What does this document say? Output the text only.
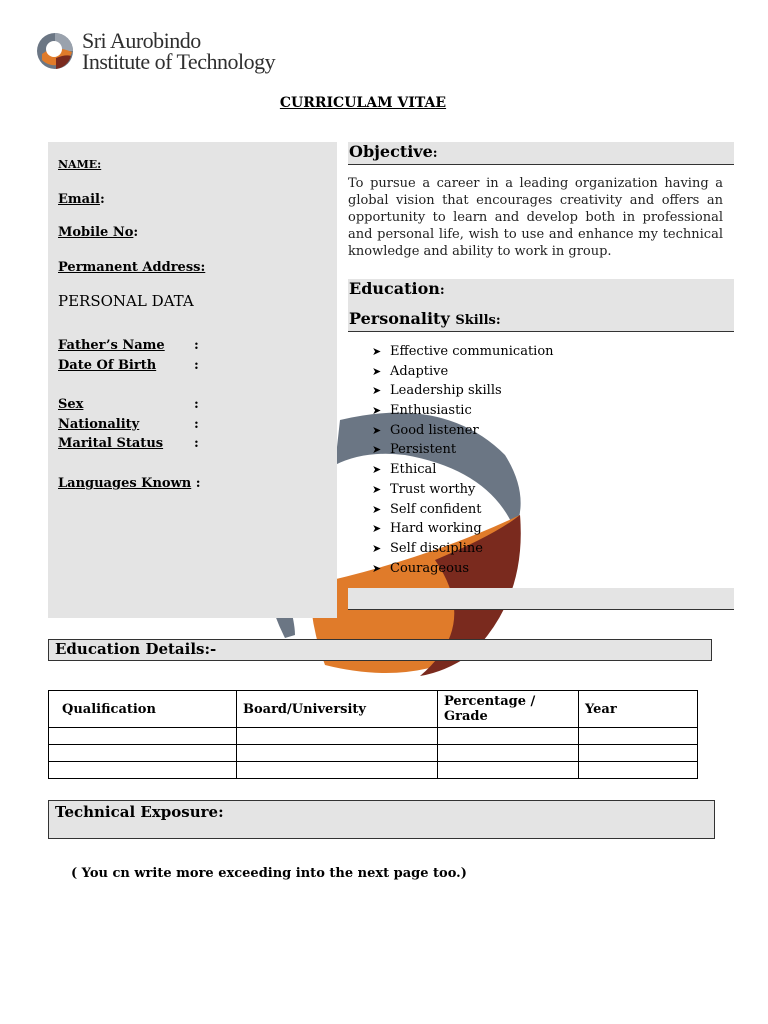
Sri Aurobindo
Institute of Technology
CURRICULAM VITAE
NAME:
Email:
Mobile No:
Permanent Address:
PERSONAL DATA
Father’s Name :
Date Of Birth	:
Sex	:
Nationality	:
Marital Status :
Languages Known :
Objective:
To pursue a career in a leading organization having a global vision that encourages creativity and offers an opportunity to learn and develop both in professional and personal life, wish to use and enhance my technical knowledge and ability to work in group.
Education:
Personality Skills:
➤ Effective communication
➤ Adaptive
➤ Leadership skills
➤ Enthusiastic
➤ Good listener
➤ Persistent
➤ Ethical
➤ Trust worthy
➤ Self confident
➤ Hard working
➤ Self discipline
➤ Courageous
Education Details:-
Qualification	Board/University	Percentage / Grade	Year

Technical Exposure:
( You cn write more exceeding into the next page too.)
